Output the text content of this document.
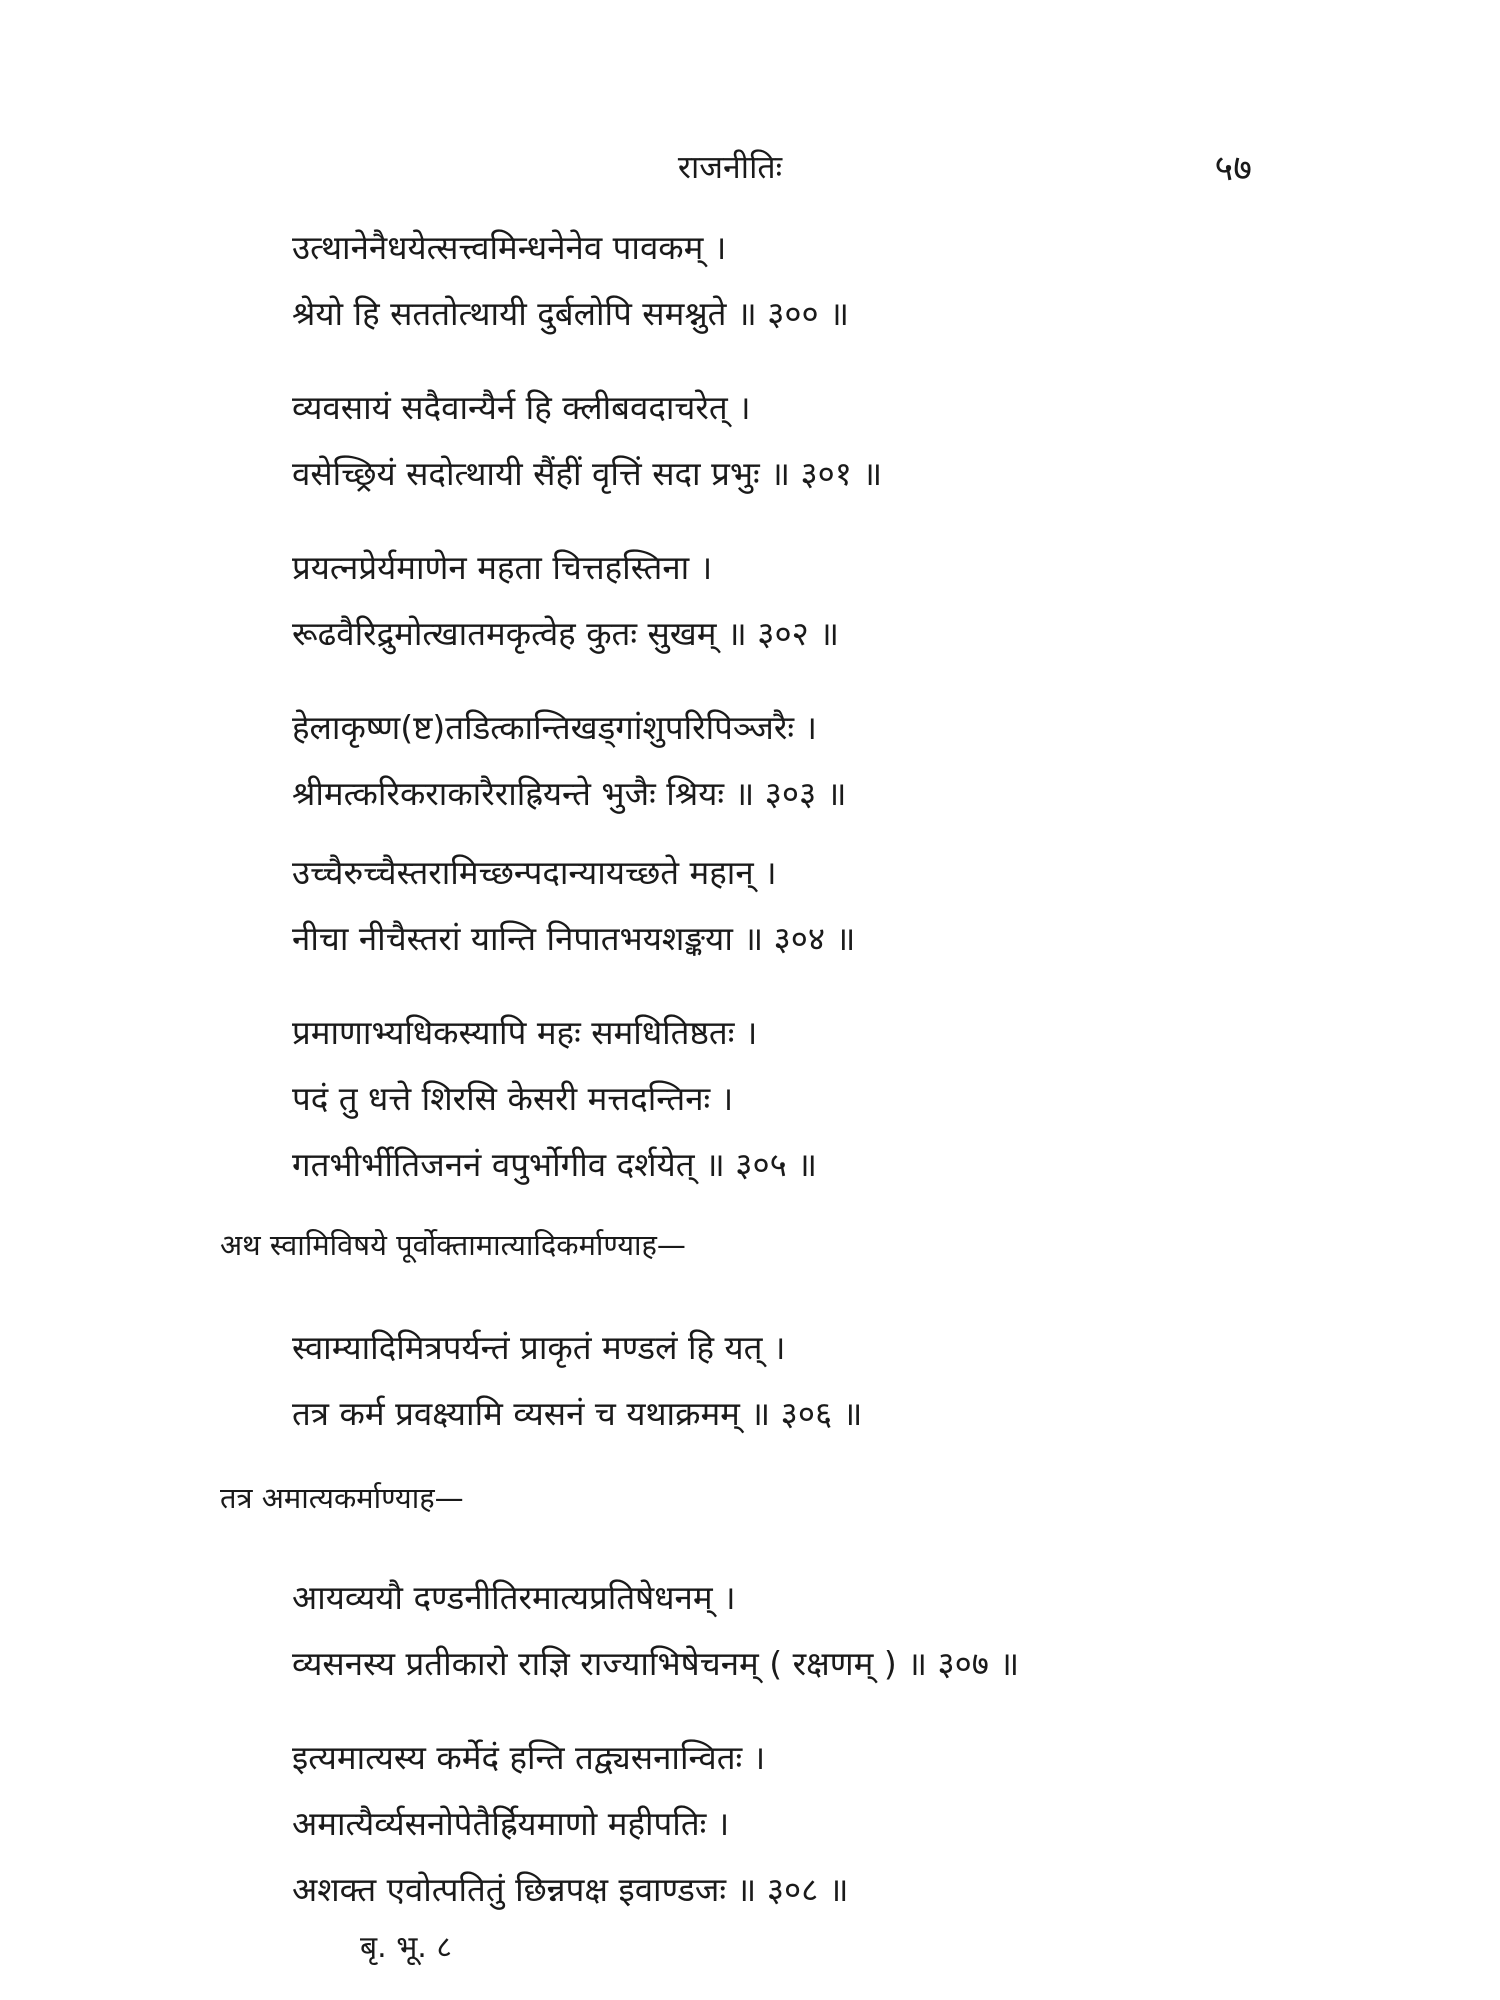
राजनीतिः	५७
उत्थानेनैधयेत्सत्त्वमिन्धनेनेव पावकम् ।
श्रेयो हि सततोत्थायी दुर्बलोपि समश्नुते ॥ ३०० ॥
व्यवसायं सदैवान्यैर्न हि क्लीबवदाचरेत् ।
वसेच्छ्रियं सदोत्थायी सैंहीं वृत्तिं सदा प्रभुः ॥ ३०१ ॥
प्रयत्नप्रेर्यमाणेन महता चित्तहस्तिना ।
रूढवैरिद्रुमोत्खातमकृत्वेह कुतः सुखम् ॥ ३०२ ॥
हेलाकृष्ण(ष्ट)तडित्कान्तिखड्गांशुपरिपिञ्जरैः ।
श्रीमत्करिकराकारैराह्रियन्ते भुजैः श्रियः ॥ ३०३ ॥
उच्चैरुच्चैस्तरामिच्छन्पदान्यायच्छते महान् ।
नीचा नीचैस्तरां यान्ति निपातभयशङ्कया ॥ ३०४ ॥
प्रमाणाभ्यधिकस्यापि महः समधितिष्ठतः ।
पदं तु धत्ते शिरसि केसरी मत्तदन्तिनः ।
गतभीर्भीतिजननं वपुर्भोगीव दर्शयेत् ॥ ३०५ ॥
अथ स्वामिविषये पूर्वोक्तामात्यादिकर्माण्याह—
स्वाम्यादिमित्रपर्यन्तं प्राकृतं मण्डलं हि यत् ।
तत्र कर्म प्रवक्ष्यामि व्यसनं च यथाक्रमम् ॥ ३०६ ॥
तत्र अमात्यकर्माण्याह—
आयव्ययौ दण्डनीतिरमात्यप्रतिषेधनम् ।
व्यसनस्य प्रतीकारो राज्ञि राज्याभिषेचनम् ( रक्षणम् ) ॥ ३०७ ॥
इत्यमात्यस्य कर्मेदं हन्ति तद्व्यसनान्वितः ।
अमात्यैर्व्यसनोपेतैर्ह्रियमाणो महीपतिः ।
अशक्त एवोत्पतितुं छिन्नपक्ष इवाण्डजः ॥ ३०८ ॥
बृ. भू. ८
